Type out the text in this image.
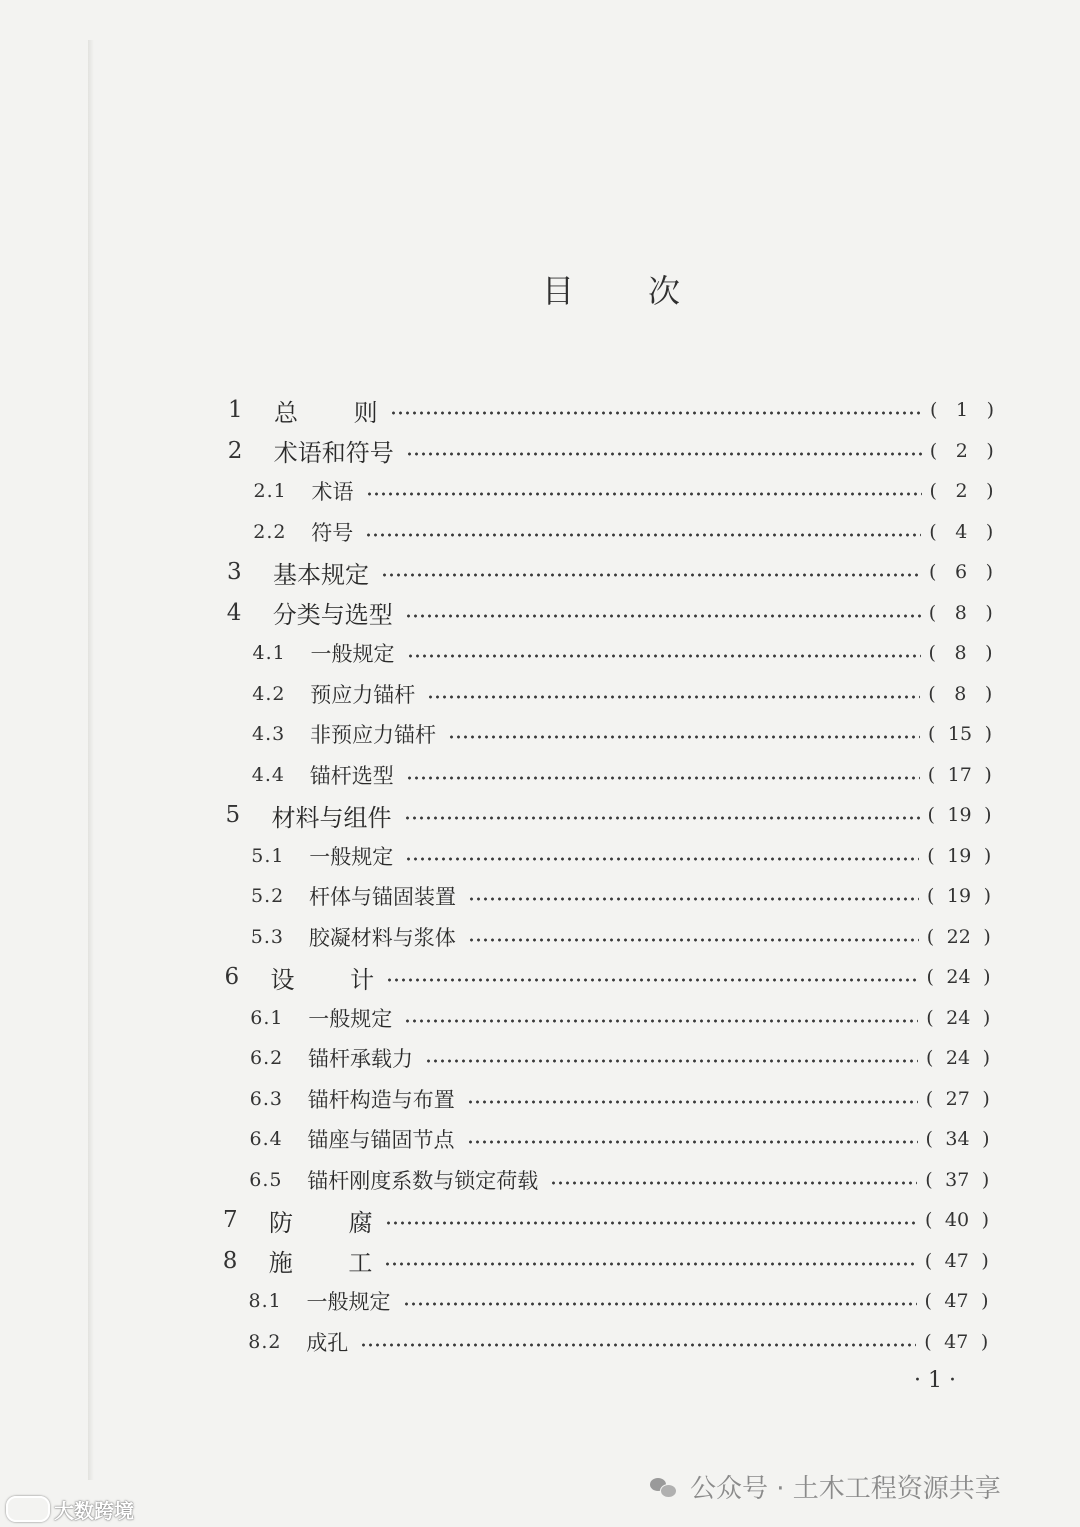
目 次
1	总 　　则	( 1 )
2	术语和符号	( 2 )
2.1	术语	( 2 )
2.2	符号	( 4 )
3	基本规定	( 6 )
4	分类与选型	( 8 )
4.1	一般规定	( 8 )
4.2	预应力锚杆	( 8 )
4.3	非预应力锚杆	( 15 )
4.4	锚杆选型	( 17 )
5	材料与组件	( 19 )
5.1	一般规定	( 19 )
5.2	杆体与锚固装置	( 19 )
5.3	胶凝材料与浆体	( 22 )
6	设 　　计	( 24 )
6.1	一般规定	( 24 )
6.2	锚杆承载力	( 24 )
6.3	锚杆构造与布置	( 27 )
6.4	锚座与锚固节点	( 34 )
6.5	锚杆刚度系数与锁定荷载	( 37 )
7	防 　　腐	( 40 )
8	施 　　工	( 47 )
8.1	一般规定	( 47 )
8.2	成孔	( 47 )
· 1 ·
公众号 · 土木工程资源共享
大数跨境
